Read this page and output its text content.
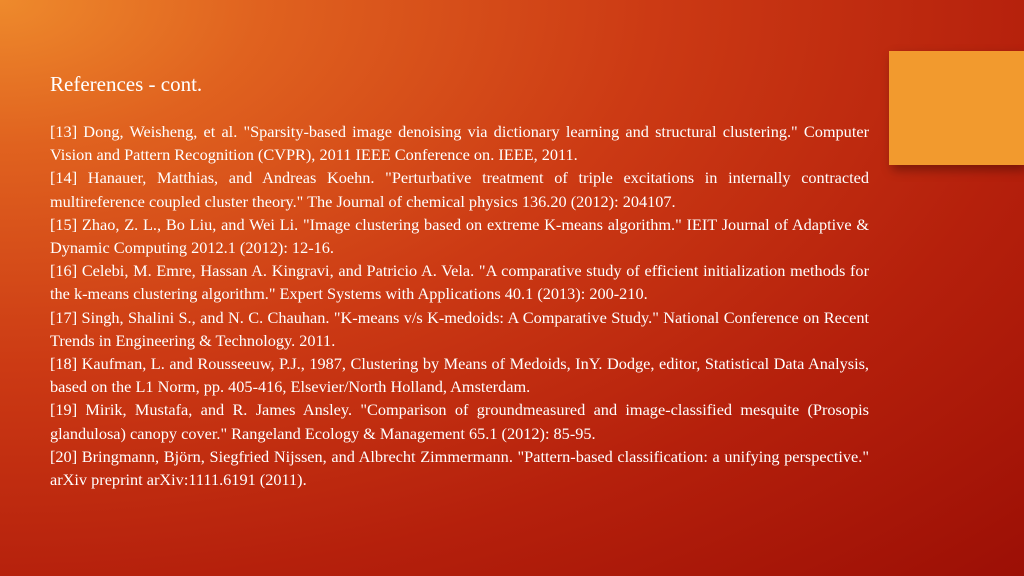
References - cont.
[13] Dong, Weisheng, et al. "Sparsity-based image denoising via dictionary learning and structural clustering." Computer Vision and Pattern Recognition (CVPR), 2011 IEEE Conference on. IEEE, 2011.
[14] Hanauer, Matthias, and Andreas Koehn. "Perturbative treatment of triple excitations in internally contracted multireference coupled cluster theory." The Journal of chemical physics 136.20 (2012): 204107.
[15] Zhao, Z. L., Bo Liu, and Wei Li. "Image clustering based on extreme K-means algorithm." IEIT Journal of Adaptive & Dynamic Computing 2012.1 (2012): 12-16.
[16] Celebi, M. Emre, Hassan A. Kingravi, and Patricio A. Vela. "A comparative study of efficient initialization methods for the k-means clustering algorithm." Expert Systems with Applications 40.1 (2013): 200-210.
[17] Singh, Shalini S., and N. C. Chauhan. "K-means v/s K-medoids: A Comparative Study." National Conference on Recent Trends in Engineering & Technology. 2011.
[18] Kaufman, L. and Rousseeuw, P.J., 1987, Clustering by Means of Medoids, InY. Dodge, editor, Statistical Data Analysis, based on the L1 Norm, pp. 405-416, Elsevier/North Holland, Amsterdam.
[19] Mirik, Mustafa, and R. James Ansley. "Comparison of groundmeasured and image-classified mesquite (Prosopis glandulosa) canopy cover." Rangeland Ecology & Management 65.1 (2012): 85-95.
[20] Bringmann, Björn, Siegfried Nijssen, and Albrecht Zimmermann. "Pattern-based classification: a unifying perspective." arXiv preprint arXiv:1111.6191 (2011).
